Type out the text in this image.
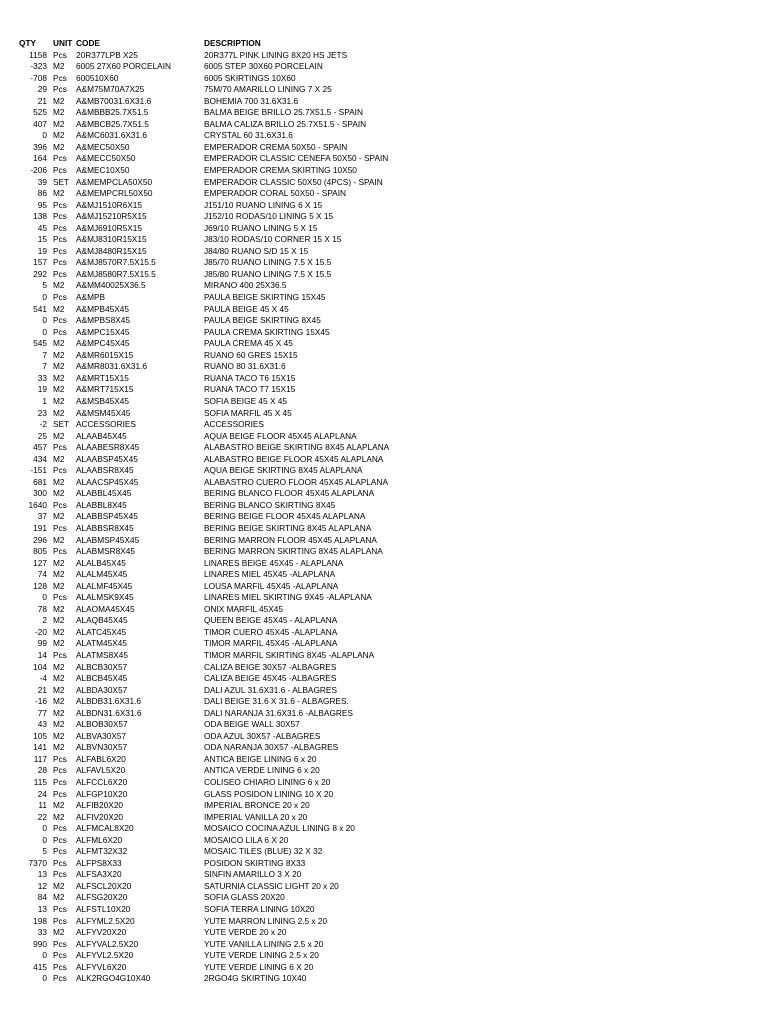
QTY UNIT CODE	DESCRIPTION
1158 Pcs 20R377LPB X25	20R377L PINK LINING 8X20 HS JETS
-323 M2 6005 27X60 PORCELAIN	6005 STEP 30X60 PORCELAIN
-708 Pcs 600510X60	6005 SKIRTINGS 10X60
29 Pcs A&M75M70A7X25	75M/70 AMARILLO LINING 7 X 25
21 M2 A&MB70031.6X31.6	BOHEMIA 700 31.6X31.6
525 M2 A&MBBB25.7X51.5	BALMA BEIGE BRILLO 25.7X51.5 - SPAIN
407 M2 A&MBCB25.7X51.5	BALMA CALIZA BRILLO 25.7X51.5 - SPAIN
0 M2 A&MC6031.6X31.6	CRYSTAL 60 31.6X31.6
396 M2 A&MEC50X50	EMPERADOR CREMA 50X50 - SPAIN
164 Pcs A&MECC50X50	EMPERADOR CLASSIC CENEFA 50X50 - SPAIN
-206 Pcs A&MEC10X50	EMPERADOR CREMA SKIRTING 10X50
39 SET A&MEMPCLA50X50	EMPERADOR CLASSIC 50X50 (4PCS) - SPAIN
86 M2 A&MEMPCRL50X50	EMPERADOR CORAL 50X50 - SPAIN
95 Pcs A&MJ1510R6X15	J151/10 RUANO LINING 6 X 15
138 Pcs A&MJ15210R5X15	J152/10 RODAS/10 LINING 5 X 15
45 Pcs A&MJ6910R5X15	J69/10 RUANO LINING 5 X 15
15 Pcs A&MJ8310R15X15	J83/10 RODAS/10 CORNER 15 X 15
19 Pcs A&MJ8480R15X15	J84/80 RUANO S/D 15 X 15
157 Pcs A&MJ8570R7.5X15.5	J85/70 RUANO LINING 7.5 X 15.5
292 Pcs A&MJ8580R7.5X15.5	J85/80 RUANO LINING 7.5 X 15.5
5 M2 A&MM40025X36.5	MIRANO 400 25X36.5
0 Pcs A&MPB	PAULA BEIGE SKIRTING 15X45
541 M2 A&MPB45X45	PAULA BEIGE 45 X 45
0 Pcs A&MPBS8X45	PAULA BEIGE SKIRTING 8X45
0 Pcs A&MPC15X45	PAULA CREMA SKIRTING 15X45
545 M2 A&MPC45X45	PAULA CREMA 45 X 45
7 M2 A&MR6015X15	RUANO 60 GRES 15X15
7 M2 A&MR8031.6X31.6	RUANO 80 31.6X31.6
33 M2 A&MRT15X15	RUANA TACO T6 15X15
19 M2 A&MRT715X15	RUANA TACO T7 15X15
1 M2 A&MSB45X45	SOFIA BEIGE 45 X 45
23 M2 A&MSM45X45	SOFIA MARFIL 45 X 45
-2 SET ACCESSORIES	ACCESSORIES
25 M2 ALAAB45X45	AQUA BEIGE FLOOR 45X45 ALAPLANA
457 Pcs ALAABESR8X45	ALABASTRO BEIGE SKIRTING 8X45 ALAPLANA
434 M2 ALAABSP45X45	ALABASTRO BEIGE FLOOR 45X45 ALAPLANA
-151 Pcs ALAABSR8X45	AQUA BEIGE SKIRTING 8X45 ALAPLANA
681 M2 ALAACSP45X45	ALABASTRO CUERO FLOOR 45X45 ALAPLANA
300 M2 ALABBL45X45	BERING BLANCO FLOOR 45X45 ALAPLANA
1640 Pcs ALABBL8X45	BERING BLANCO SKIRTING 8X45
37 M2 ALABBSP45X45	BERING BEIGE FLOOR 45X45 ALAPLANA
191 Pcs ALABBSR8X45	BERING BEIGE SKIRTING 8X45 ALAPLANA
296 M2 ALABMSP45X45	BERING MARRON FLOOR 45X45 ALAPLANA
805 Pcs ALABMSR8X45	BERING MARRON SKIRTING 8X45 ALAPLANA
127 M2 ALALB45X45	LINARES BEIGE 45X45 - ALAPLANA
74 M2 ALALM45X45	LINARES MIEL 45X45 -ALAPLANA
128 M2 ALALMF45X45	LOUSA MARFIL 45X45 -ALAPLANA
0 Pcs ALALMSK9X45	LINARES MIEL SKIRTING 9X45 -ALAPLANA
78 M2 ALAOMA45X45	ONIX MARFIL 45X45
2 M2 ALAQB45X45	QUEEN BEIGE 45X45 - ALAPLANA
-20 M2 ALATC45X45	TIMOR CUERO 45X45 -ALAPLANA
99 M2 ALATM45X45	TIMOR MARFIL 45X45 -ALAPLANA
14 Pcs ALATMS8X45	TIMOR MARFIL SKIRTING 8X45 -ALAPLANA
104 M2 ALBCB30X57	CALIZA BEIGE 30X57 -ALBAGRES
-4 M2 ALBCB45X45	CALIZA BEIGE 45X45 -ALBAGRES
21 M2 ALBDA30X57	DALI AZUL 31.6X31.6 - ALBAGRES
-16 M2 ALBDB31.6X31.6	DALI BEIGE 31.6 X 31.6 - ALBAGRES.
77 M2 ALBDN31.6X31.6	DALI NARANJA 31.6X31.6 -ALBAGRES
43 M2 ALBOB30X57	ODA BEIGE WALL 30X57
105 M2 ALBVA30X57	ODA AZUL 30X57 -ALBAGRES
141 M2 ALBVN30X57	ODA NARANJA 30X57 -ALBAGRES
117 Pcs ALFABL6X20	ANTICA BEIGE LINING 6 x 20
28 Pcs ALFAVL5X20	ANTICA VERDE LINING 6 x 20
115 Pcs ALFCCL6X20	COLISEO CHIARO LINING 6 x 20
24 Pcs ALFGP10X20	GLASS POSIDON LINING 10 X 20
11 M2 ALFIB20X20	IMPERIAL BRONCE 20 x 20
22 M2 ALFIV20X20	IMPERIAL VANILLA 20 x 20
0 Pcs ALFMCAL8X20	MOSAICO COCINA AZUL LINING 8 x 20
0 Pcs ALFML6X20	MOSAICO LILA 6 X 20
5 Pcs ALFMT32X32	MOSAIC TILES (BLUE) 32 X 32
7370 Pcs ALFPS8X33	POSIDON SKIRTING 8X33
13 Pcs ALFSA3X20	SINFIN AMARILLO 3 X 20
12 M2 ALFSCL20X20	SATURNIA CLASSIC LIGHT 20 x 20
84 M2 ALFSG20X20	SOFIA GLASS 20X20
13 Pcs ALFSTL10X20	SOFIA TERRA LINING 10X20
198 Pcs ALFYML2.5X20	YUTE MARRON LINING 2.5 x 20
33 M2 ALFYV20X20	YUTE VERDE 20 x 20
990 Pcs ALFYVAL2.5X20	YUTE VANILLA LINING 2.5 x 20
0 Pcs ALFYVL2.5X20	YUTE VERDE LINING 2.5 x 20
415 Pcs ALFYVL6X20	YUTE VERDE LINING 6 X 20
0 Pcs ALK2RGO4G10X40	2RGO4G SKIRTING 10X40
